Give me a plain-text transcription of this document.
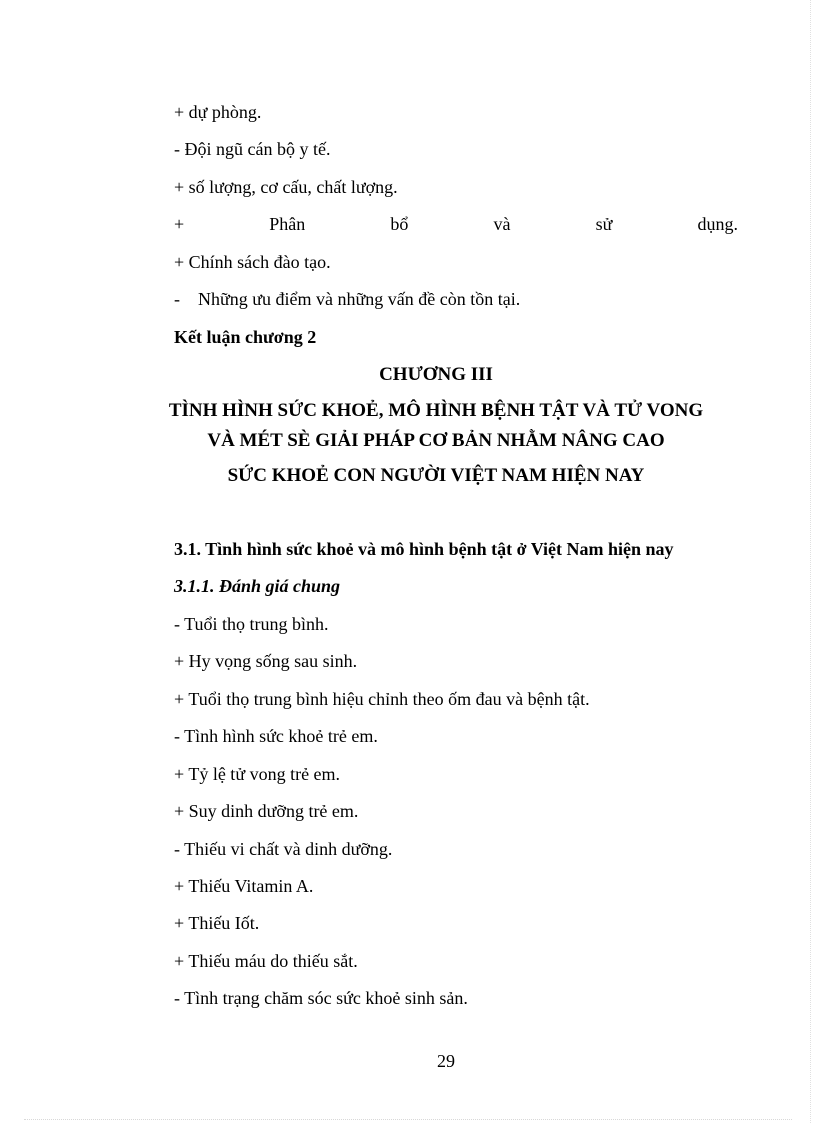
+ dự phòng.
- Đội ngũ cán bộ y tế.
+ số lượng, cơ cấu, chất lượng.
+	Phân	bổ	và	sử	dụng.
+ Chính sách đào tạo.
- Những ưu điểm và những vấn đề còn tồn tại.
Kết luận chương 2
CHƯƠNG III
TÌNH HÌNH SỨC KHOẺ, MÔ HÌNH BỆNH TẬT VÀ TỬ VONG
VÀ MÉT SÈ GIẢI PHÁP CƠ BẢN NHẰM NÂNG CAO
SỨC KHOẺ CON NGƯỜI VIỆT NAM HIỆN NAY
3.1. Tình hình sức khoẻ và mô hình bệnh tật ở Việt Nam hiện nay
3.1.1. Đánh giá chung
- Tuổi thọ trung bình.
+ Hy vọng sống sau sinh.
+ Tuổi thọ trung bình hiệu chỉnh theo ốm đau và bệnh tật.
- Tình hình sức khoẻ trẻ em.
+ Tỷ lệ tử vong trẻ em.
+ Suy dinh dưỡng trẻ em.
- Thiếu vi chất và dinh dưỡng.
+ Thiếu Vitamin A.
+ Thiếu Iốt.
+ Thiếu máu do thiếu sắt.
- Tình trạng chăm sóc sức khoẻ sinh sản.
29
